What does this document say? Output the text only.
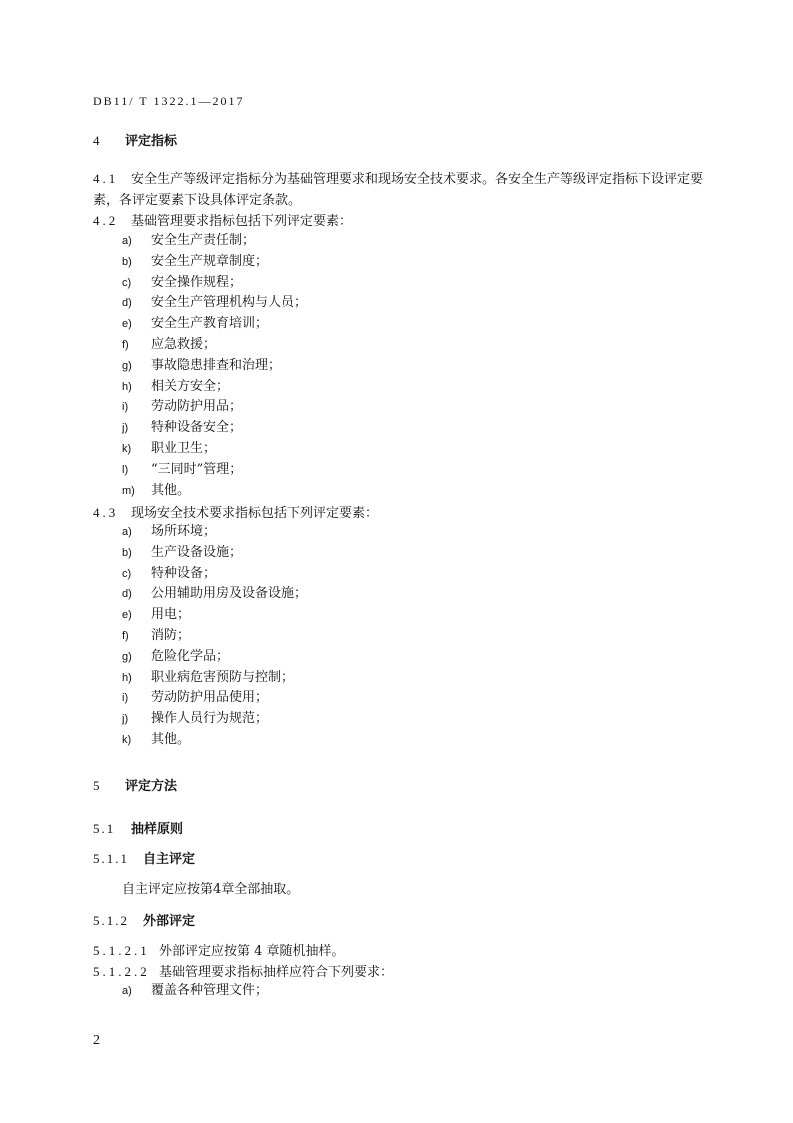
DB11/ T 1322.1—2017
4 评定指标
4.1 安全生产等级评定指标分为基础管理要求和现场安全技术要求。各安全生产等级评定指标下设评定要素，各评定要素下设具体评定条款。
4.2 基础管理要求指标包括下列评定要素：
a) 安全生产责任制；
b) 安全生产规章制度；
c) 安全操作规程；
d) 安全生产管理机构与人员；
e) 安全生产教育培训；
f) 应急救援；
g) 事故隐患排查和治理；
h) 相关方安全；
i) 劳动防护用品；
j) 特种设备安全；
k) 职业卫生；
l) “三同时”管理；
m) 其他。
4.3 现场安全技术要求指标包括下列评定要素：
a) 场所环境；
b) 生产设备设施；
c) 特种设备；
d) 公用辅助用房及设备设施；
e) 用电；
f) 消防；
g) 危险化学品；
h) 职业病危害预防与控制；
i) 劳动防护用品使用；
j) 操作人员行为规范；
k) 其他。
5 评定方法
5.1 抽样原则
5.1.1 自主评定
自主评定应按第4章全部抽取。
5.1.2 外部评定
5.1.2.1 外部评定应按第 4 章随机抽样。
5.1.2.2 基础管理要求指标抽样应符合下列要求：
a) 覆盖各种管理文件；
2
